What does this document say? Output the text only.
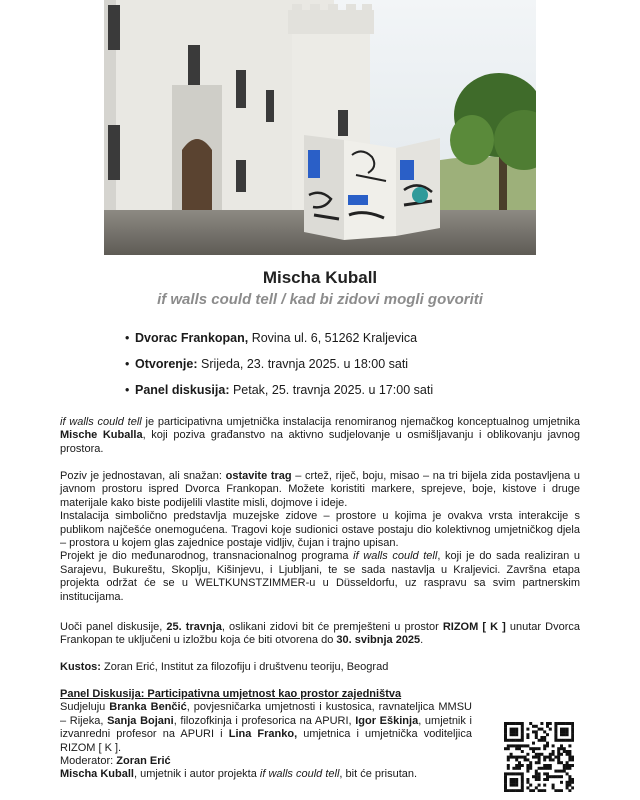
Mischa Kuball
if walls could tell / kad bi zidovi mogli govoriti
• Dvorac Frankopan, Rovina ul. 6, 51262 Kraljevica
• Otvorenje: Srijeda, 23. travnja 2025. u 18:00 sati
• Panel diskusija: Petak, 25. travnja 2025. u 17:00 sati

if walls could tell je participativna umjetnička instalacija renomiranog njemačkog konceptualnog umjetnika Mische Kuballa, koji poziva građanstvo na aktivno sudjelovanje u osmišljavanju i oblikovanju javnog prostora.

Poziv je jednostavan, ali snažan: ostavite trag – crtež, riječ, boju, misao – na tri bijela zida postavljena u javnom prostoru ispred Dvorca Frankopan. Možete koristiti markere, sprejeve, boje, kistove i druge materijale kako biste podijelili vlastite misli, dojmove i ideje.

Instalacija simbolično predstavlja muzejske zidove – prostore u kojima je ovakva vrsta interakcije s publikom najčešće onemogućena. Tragovi koje sudionici ostave postaju dio kolektivnog umjetničkog djela – prostora u kojem glas zajednice postaje vidljiv, čujan i trajno upisan.

Projekt je dio međunarodnog, transnacionalnog programa if walls could tell, koji je do sada realiziran u Sarajevu, Bukureštu, Skoplju, Kišinjevu, i Ljubljani, te se sada nastavlja u Kraljevici. Završna etapa projekta održat će se u WELTKUNSTZIMMER-u u Düsseldorfu, uz raspravu sa svim partnerskim institucijama.

Uoči panel diskusije, 25. travnja, oslikani zidovi bit će premješteni u prostor RIZOM [ K ] unutar Dvorca Frankopan te uključeni u izložbu koja će biti otvorena do 30. svibnja 2025.

Kustos: Zoran Erić, Institut za filozofiju i društvenu teoriju, Beograd

Panel Diskusija: Participativna umjetnost kao prostor zajedništva

Sudjeluju Branka Benčić, povjesničarka umjetnosti i kustosica, ravnateljica MMSU – Rijeka, Sanja Bojani, filozofkinja i profesorica na APURI, Igor Eškinja, umjetnik i izvanredni profesor na APURI i Lina Franko, umjetnica i umjetnička voditeljica RIZOM [ K ].

Moderator: Zoran Erić

Mischa Kuball, umjetnik i autor projekta if walls could tell, bit će prisutan.
